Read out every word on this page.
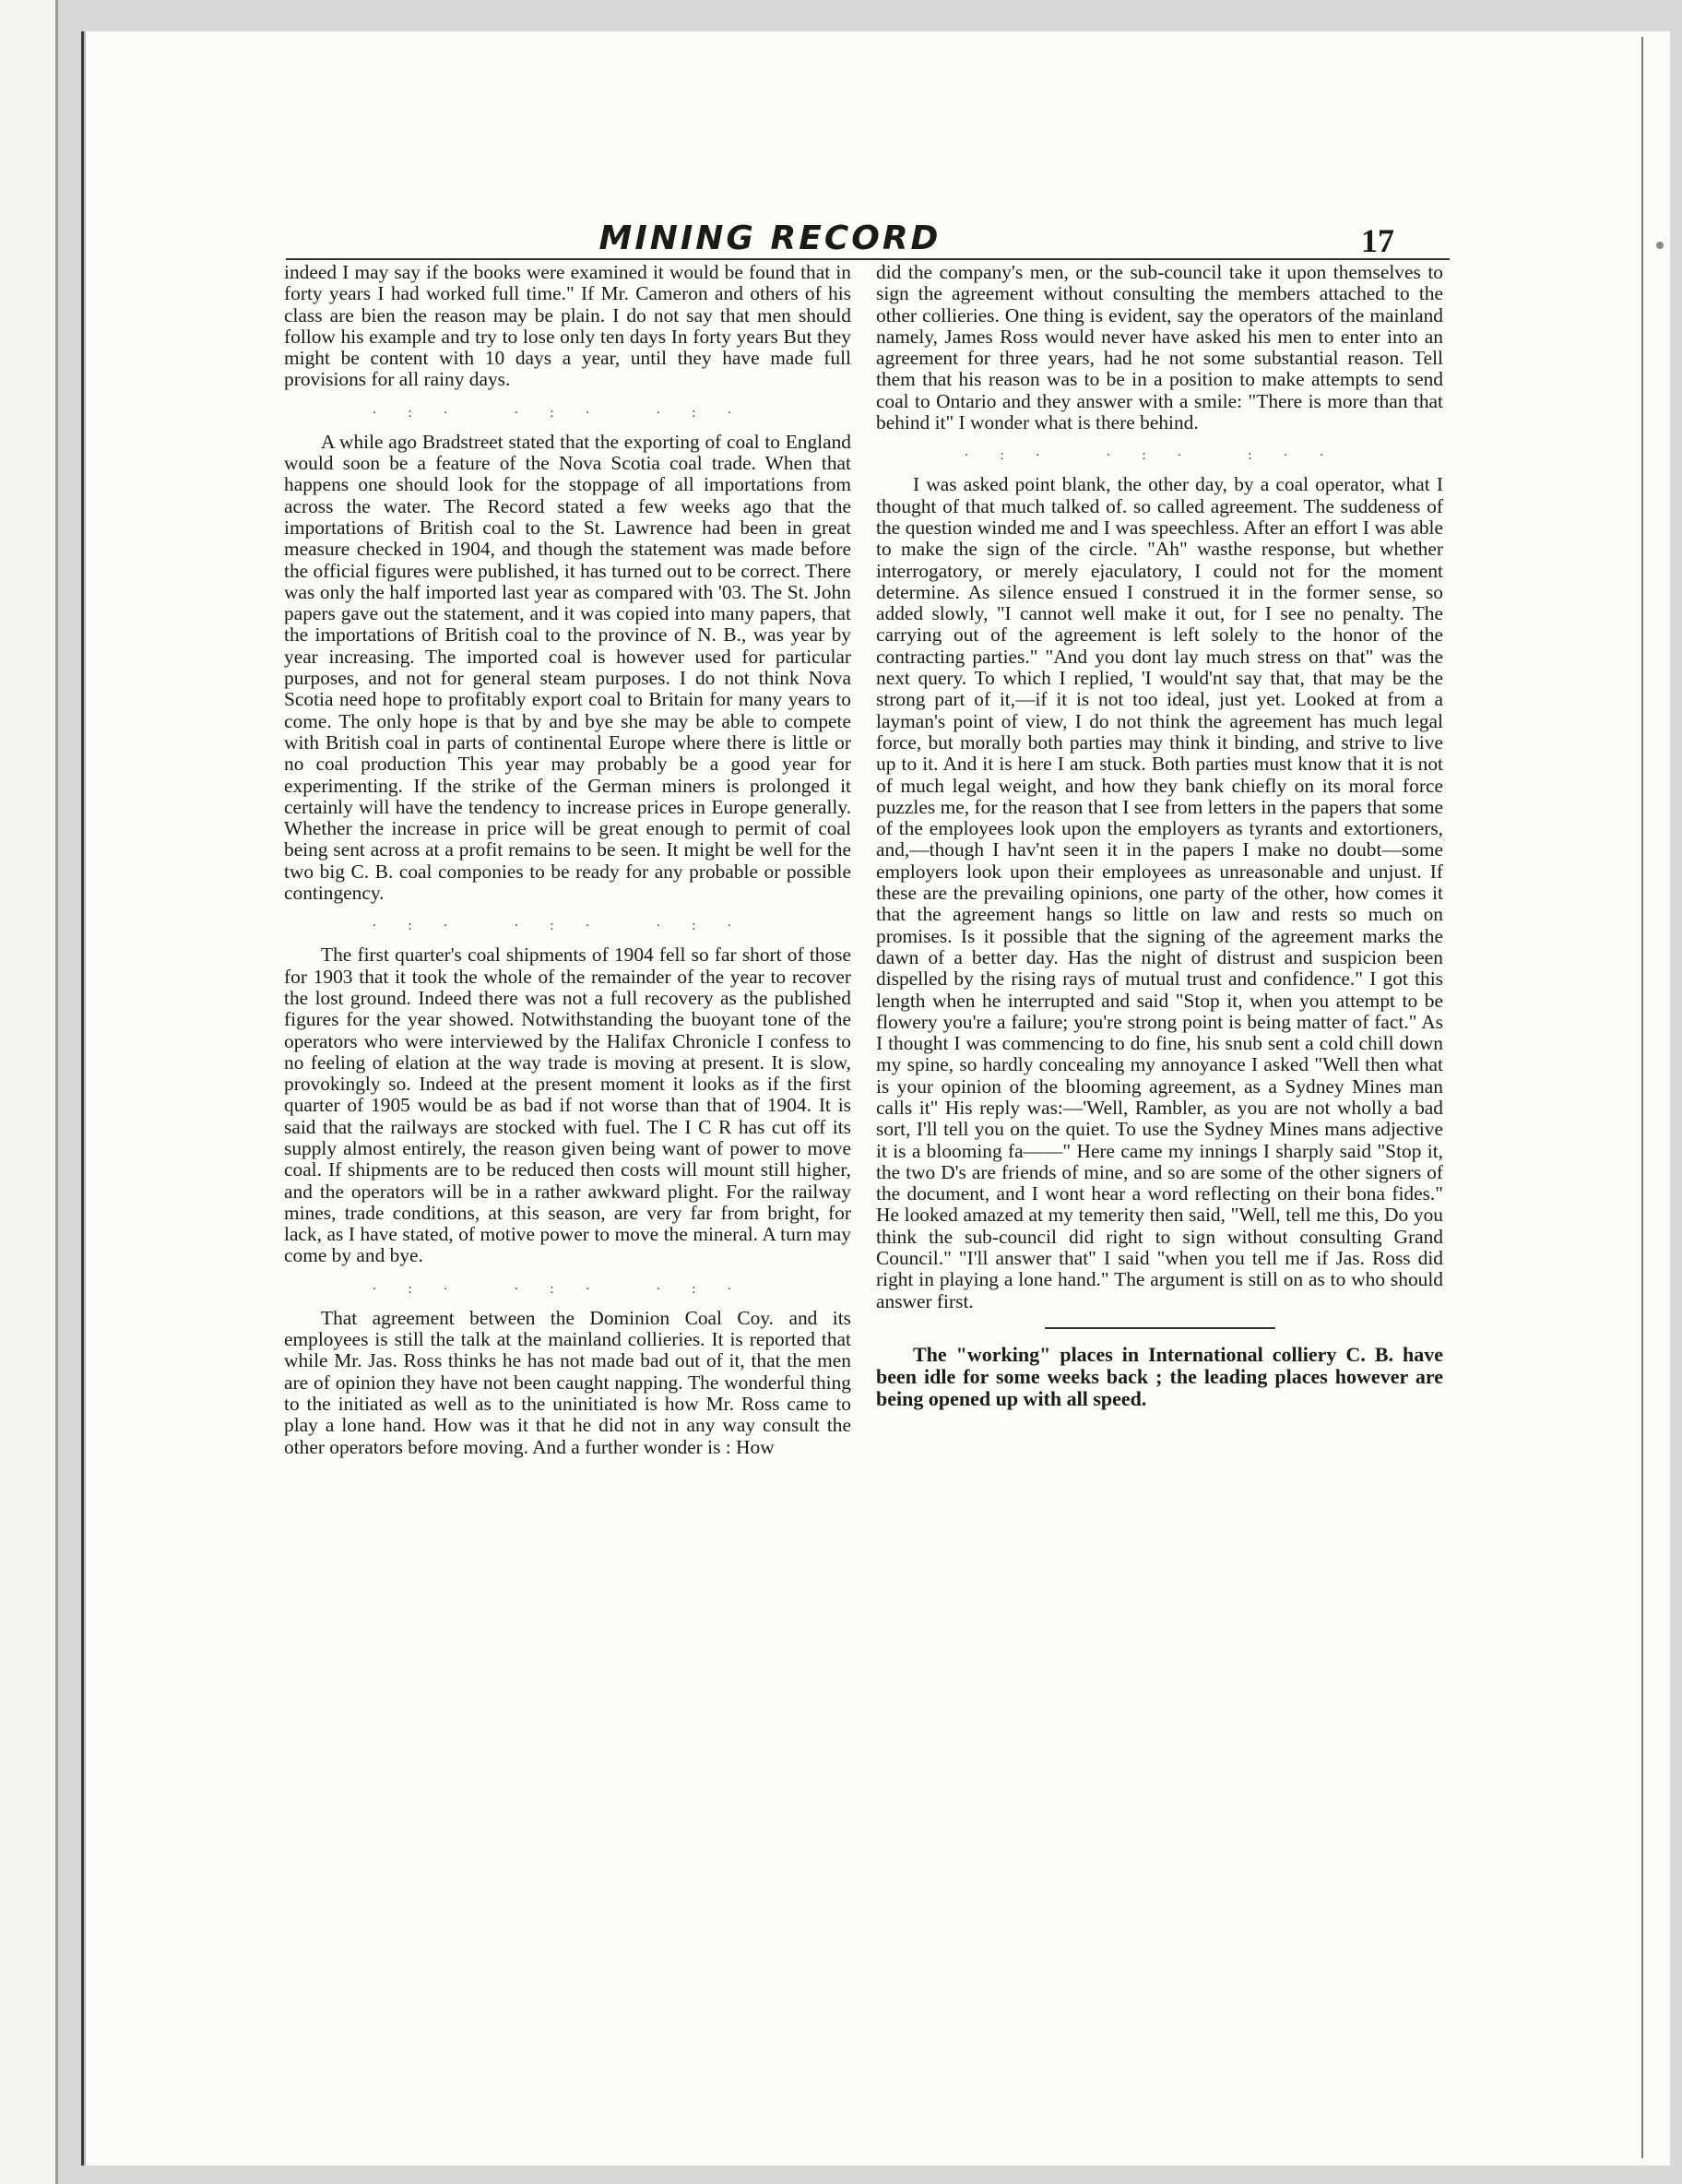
MINING RECORD	17

indeed I may say if the books were examined it would be found that in forty years I had worked full time." If Mr. Cameron and others of his class are bien the reason may be plain. I do not say that men should follow his example and try to lose only ten days In forty years But they might be content with 10 days a year, until they have made full provisions for all rainy days.

·:· ·:· ·:·

A while ago Bradstreet stated that the exporting of coal to England would soon be a feature of the Nova Scotia coal trade. When that happens one should look for the stoppage of all importations from across the water. The Record stated a few weeks ago that the importations of British coal to the St. Lawrence had been in great measure checked in 1904, and though the statement was made before the official figures were published, it has turned out to be correct. There was only the half imported last year as compared with '03. The St. John papers gave out the statement, and it was copied into many papers, that the importations of British coal to the province of N. B., was year by year increasing. The imported coal is however used for particular purposes, and not for general steam purposes. I do not think Nova Scotia need hope to profitably export coal to Britain for many years to come. The only hope is that by and bye she may be able to compete with British coal in parts of continental Europe where there is little or no coal production This year may probably be a good year for experimenting. If the strike of the German miners is prolonged it certainly will have the tendency to increase prices in Europe generally. Whether the increase in price will be great enough to permit of coal being sent across at a profit remains to be seen. It might be well for the two big C. B. coal componies to be ready for any probable or possible contingency.

·:· ·:· ·:·

The first quarter's coal shipments of 1904 fell so far short of those for 1903 that it took the whole of the remainder of the year to recover the lost ground. Indeed there was not a full recovery as the published figures for the year showed. Notwithstanding the buoyant tone of the operators who were interviewed by the Halifax Chronicle I confess to no feeling of elation at the way trade is moving at present. It is slow, provokingly so. Indeed at the present moment it looks as if the first quarter of 1905 would be as bad if not worse than that of 1904. It is said that the railways are stocked with fuel. The I C R has cut off its supply almost entirely, the reason given being want of power to move coal. If shipments are to be reduced then costs will mount still higher, and the operators will be in a rather awkward plight. For the railway mines, trade conditions, at this season, are very far from bright, for lack, as I have stated, of motive power to move the mineral. A turn may come by and bye.

·:· ·:· ·:·

That agreement between the Dominion Coal Coy. and its employees is still the talk at the mainland collieries. It is reported that while Mr. Jas. Ross thinks he has not made bad out of it, that the men are of opinion they have not been caught napping. The wonderful thing to the initiated as well as to the uninitiated is how Mr. Ross came to play a lone hand. How was it that he did not in any way consult the other operators before moving. And a further wonder is : How

did the company's men, or the sub-council take it upon themselves to sign the agreement without consulting the members attached to the other collieries. One thing is evident, say the operators of the mainland namely, James Ross would never have asked his men to enter into an agreement for three years, had he not some substantial reason. Tell them that his reason was to be in a position to make attempts to send coal to Ontario and they answer with a smile: "There is more than that behind it" I wonder what is there behind.

·:· ·:· :··

I was asked point blank, the other day, by a coal operator, what I thought of that much talked of. so called agreement. The suddeness of the question winded me and I was speechless. After an effort I was able to make the sign of the circle. "Ah" wasthe response, but whether interrogatory, or merely ejaculatory, I could not for the moment determine. As silence ensued I construed it in the former sense, so added slowly, "I cannot well make it out, for I see no penalty. The carrying out of the agreement is left solely to the honor of the contracting parties." "And you dont lay much stress on that" was the next query. To which I replied, 'I would'nt say that, that may be the strong part of it,—if it is not too ideal, just yet. Looked at from a layman's point of view, I do not think the agreement has much legal force, but morally both parties may think it binding, and strive to live up to it. And it is here I am stuck. Both parties must know that it is not of much legal weight, and how they bank chiefly on its moral force puzzles me, for the reason that I see from letters in the papers that some of the employees look upon the employers as tyrants and extortioners, and,—though I hav'nt seen it in the papers I make no doubt—some employers look upon their employees as unreasonable and unjust. If these are the prevailing opinions, one party of the other, how comes it that the agreement hangs so little on law and rests so much on promises. Is it possible that the signing of the agreement marks the dawn of a better day. Has the night of distrust and suspicion been dispelled by the rising rays of mutual trust and confidence." I got this length when he interrupted and said "Stop it, when you attempt to be flowery you're a failure; you're strong point is being matter of fact." As I thought I was commencing to do fine, his snub sent a cold chill down my spine, so hardly concealing my annoyance I asked "Well then what is your opinion of the blooming agreement, as a Sydney Mines man calls it" His reply was:—'Well, Rambler, as you are not wholly a bad sort, I'll tell you on the quiet. To use the Sydney Mines mans adjective it is a blooming fa——" Here came my innings I sharply said "Stop it, the two D's are friends of mine, and so are some of the other signers of the document, and I wont hear a word reflecting on their bona fides." He looked amazed at my temerity then said, "Well, tell me this, Do you think the sub-council did right to sign without consulting Grand Council." "I'll answer that" I said "when you tell me if Jas. Ross did right in playing a lone hand." The argument is still on as to who should answer first.

The "working" places in International colliery C. B. have been idle for some weeks back ; the leading places however are being opened up with all speed.
